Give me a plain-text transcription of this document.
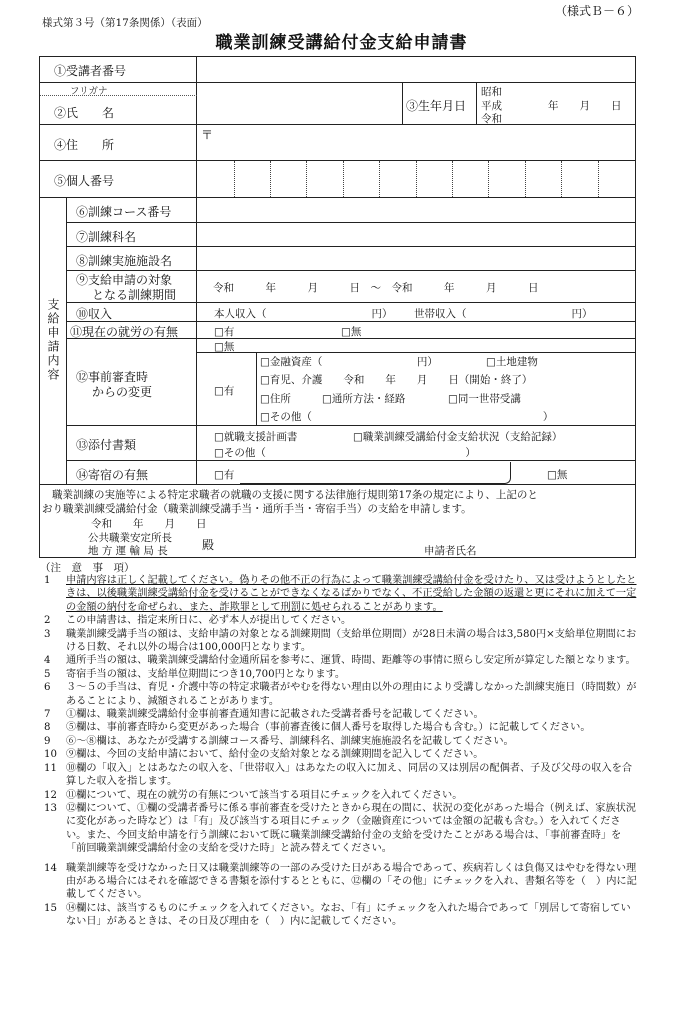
（様式Ｂ－６）
様式第３号（第17条関係）（表面）
職業訓練受講給付金支給申請書
①受講者番号
フリガナ
②氏　　名	③生年月日
昭和
平成
令和
年　　月　　日
④住　　所
〒
⑤個人番号
支給申請内容
⑥訓練コース番号
⑦訓練科名
⑧訓練実施施設名
⑨支給申請の対象
となる訓練期間	令和　　　年　　　月　　　日　〜　令和　　　年　　　月　　　日
⑩収入	本人収入（　　　　　　　　　　円） 世帯収入（　　　　　　　　　　円）
⑪現在の就労の有無	□有	□無
⑫事前審査時
からの変更
□無
□有
□金融資産（　　　　　　　　　円）	□土地建物
□育児、介護　　令和　　年　　月　　日（開始・終了）
□住所	□通所方法・経路	□同一世帯受講
□その他（　　　　　　　　　　　　　　　　　　　　　　）
⑬添付書類
□就職支援計画書	□職業訓練受講給付金支給状況（支給記録）
□その他（　　　　　　　　　　　　　　　　　　　）
⑭寄宿の有無	□有	□無
職業訓練の実施等による特定求職者の就職の支援に関する法律施行規則第17条の規定により、上記のと
おり職業訓練受講給付金（職業訓練受講手当・通所手当・寄宿手当）の支給を申請します。
令和　　年　　月　　日
公共職業安定所長
地 方 運 輸 局 長	殿	申請者氏名
（注　意　事　項）
1 申請内容は正しく記載してください。偽りその他不正の行為によって職業訓練受講給付金を受けたり、又は受けようとしたときは、以後職業訓練受講給付金を受けることができなくなるばかりでなく、不正受給した金額の返還と更にそれに加えて一定の金額の納付を命ぜられ、また、詐欺罪として刑罰に処せられることがあります。
2 この申請書は、指定来所日に、必ず本人が提出してください。
3 職業訓練受講手当の額は、支給申請の対象となる訓練期間（支給単位期間）が28日未満の場合は3,580円×支給単位期間における日数、それ以外の場合は100,000円となります。
4 通所手当の額は、職業訓練受講給付金通所届を参考に、運賃、時間、距離等の事情に照らし安定所が算定した額となります。
5 寄宿手当の額は、支給単位期間につき10,700円となります。
6 ３～５の手当は、育児・介護中等の特定求職者がやむを得ない理由以外の理由により受講しなかった訓練実施日（時間数）があることにより、減額されることがあります。
7 ①欄は、職業訓練受講給付金事前審査通知書に記載された受講者番号を記載してください。
8 ⑤欄は、事前審査時から変更があった場合（事前審査後に個人番号を取得した場合も含む。）に記載してください。
9 ⑥～⑧欄は、あなたが受講する訓練コース番号、訓練科名、訓練実施施設名を記載してください。
10 ⑨欄は、今回の支給申請において、給付金の支給対象となる訓練期間を記入してください。
11 ⑩欄の「収入」とはあなたの収入を、「世帯収入」はあなたの収入に加え、同居の又は別居の配偶者、子及び父母の収入を合算した収入を指します。
12 ⑪欄について、現在の就労の有無について該当する項目にチェックを入れてください。
13 ⑫欄について、①欄の受講者番号に係る事前審査を受けたときから現在の間に、状況の変化があった場合（例えば、家族状況に変化があった時など）は「有」及び該当する項目にチェック（金融資産については金額の記載も含む。）を入れてください。また、今回支給申請を行う訓練において既に職業訓練受講給付金の支給を受けたことがある場合は、「事前審査時」を「前回職業訓練受講給付金の支給を受けた時」と読み替えてください。
14 職業訓練等を受けなかった日又は職業訓練等の一部のみ受けた日がある場合であって、疾病若しくは負傷又はやむを得ない理由がある場合にはそれを確認できる書類を添付するとともに、⑫欄の「その他」にチェックを入れ、書類名等を（　）内に記載してください。
15 ⑭欄には、該当するものにチェックを入れてください。なお、「有」にチェックを入れた場合であって「別居して寄宿していない日」があるときは、その日及び理由を（　）内に記載してください。
